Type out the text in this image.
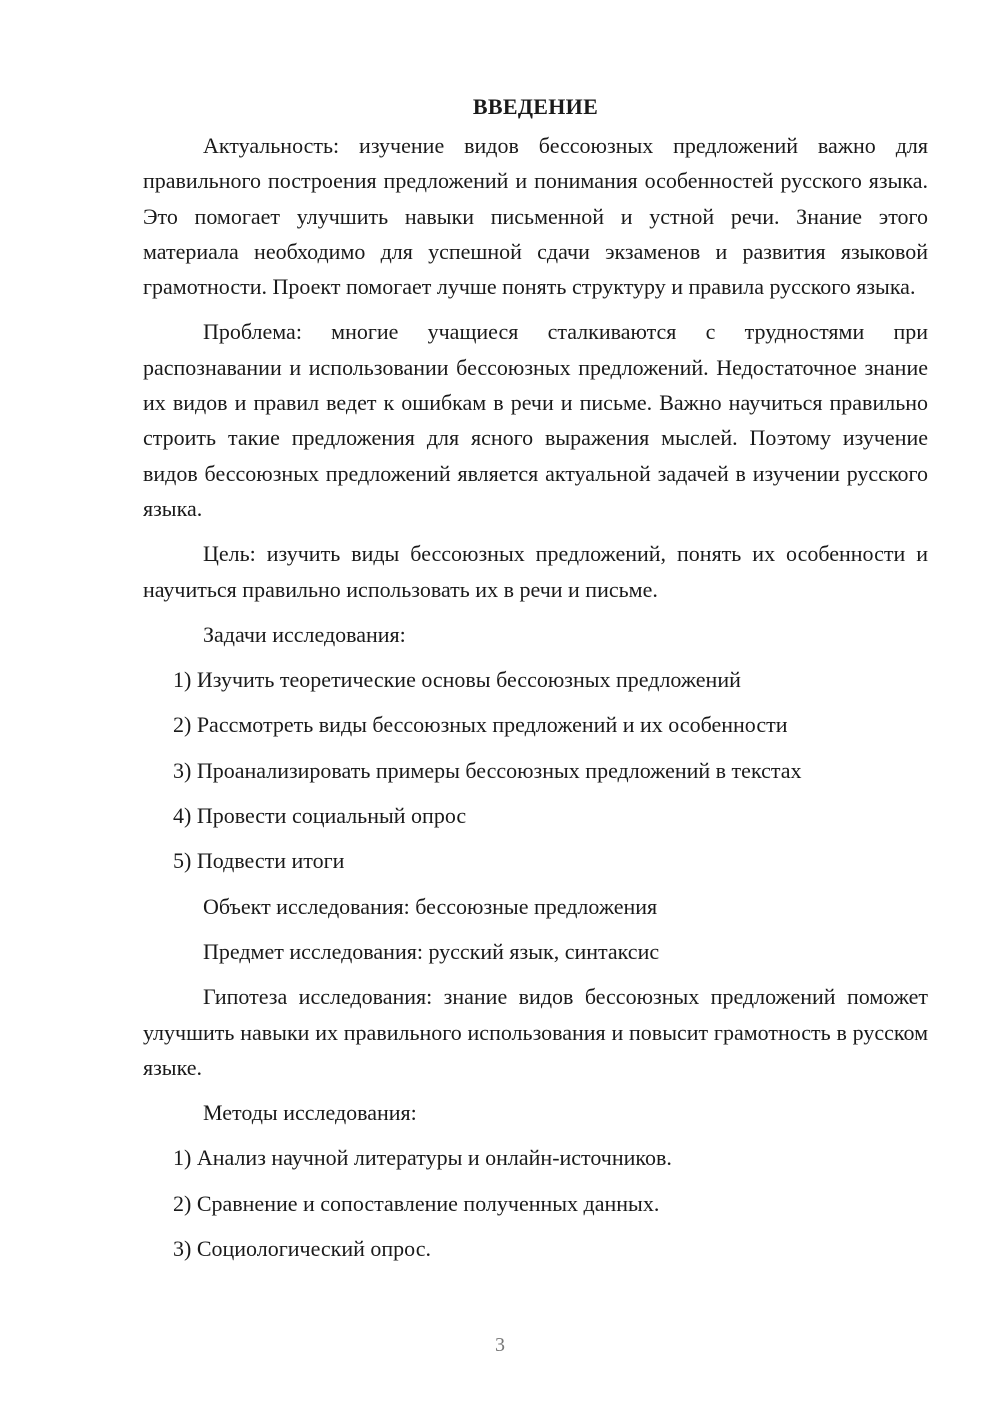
ВВЕДЕНИЕ

Актуальность: изучение видов бессоюзных предложений важно для правильного построения предложений и понимания особенностей русского языка. Это помогает улучшить навыки письменной и устной речи. Знание этого материала необходимо для успешной сдачи экзаменов и развития языковой грамотности. Проект помогает лучше понять структуру и правила русского языка.

Проблема: многие учащиеся сталкиваются с трудностями при распознавании и использовании бессоюзных предложений. Недостаточное знание их видов и правил ведет к ошибкам в речи и письме. Важно научиться правильно строить такие предложения для ясного выражения мыслей. Поэтому изучение видов бессоюзных предложений является актуальной задачей в изучении русского языка.

Цель: изучить виды бессоюзных предложений, понять их особенности и научиться правильно использовать их в речи и письме.

Задачи исследования:
1) Изучить теоретические основы бессоюзных предложений
2) Рассмотреть виды бессоюзных предложений и их особенности
3) Проанализировать примеры бессоюзных предложений в текстах
4) Провести социальный опрос
5) Подвести итоги
Объект исследования: бессоюзные предложения
Предмет исследования: русский язык, синтаксис

Гипотеза исследования: знание видов бессоюзных предложений поможет улучшить навыки их правильного использования и повысит грамотность в русском языке.

Методы исследования:
1) Анализ научной литературы и онлайн-источников.
2) Сравнение и сопоставление полученных данных.
3) Социологический опрос.
3
